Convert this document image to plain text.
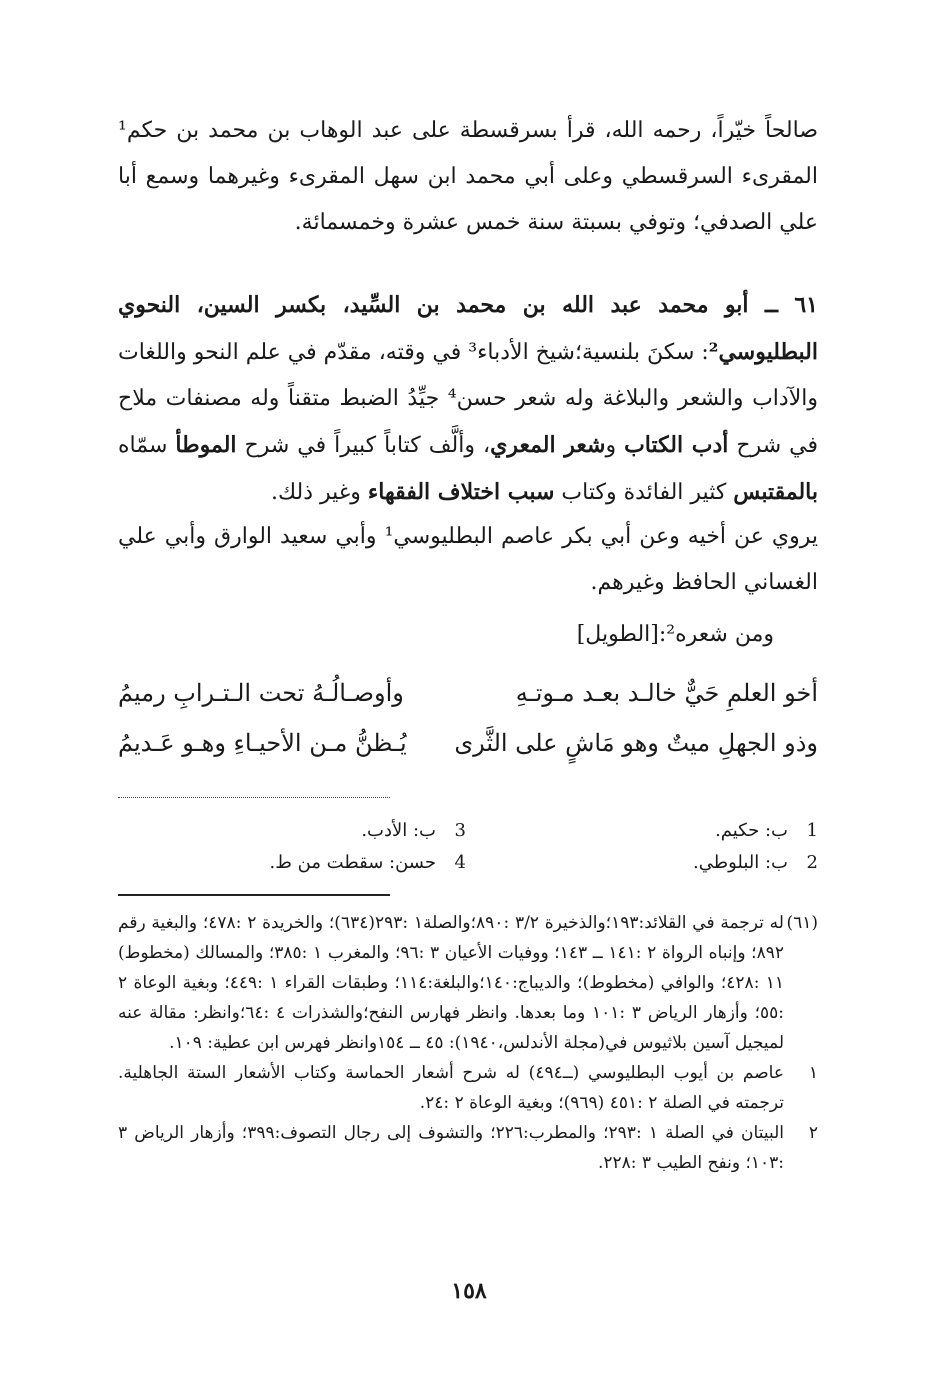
صالحاً خيّراً، رحمه الله، قرأ بسرقسطة على عبد الوهاب بن محمد بن حكم¹ المقرىء السرقسطي وعلى أبي محمد ابن سهل المقرىء وغيرهما وسمع أبا علي الصدفي؛ وتوفي بسبتة سنة خمس عشرة وخمسمائة.

٦١ ــ أبو محمد عبد الله بن محمد بن السِّيد، بكسر السين، النحوي البطليوسي²: سكنَ بلنسية؛شيخ الأدباء³ في وقته، مقدّم في علم النحو واللغات والآداب والشعر والبلاغة وله شعر حسن⁴ جيِّدُ الضبط متقناً وله مصنفات ملاح في شرح أدب الكتاب وشعر المعري، وألَّف كتاباً كبيراً في شرح الموطأ سمّاه بالمقتبس كثير الفائدة وكتاب سبب اختلاف الفقهاء وغير ذلك.

يروي عن أخيه وعن أبي بكر عاصم البطليوسي¹ وأبي سعيد الوارق وأبي علي الغساني الحافظ وغيرهم.

ومن شعره²:[الطويل]
أخو العلمِ حَيٌّ خالـد بعـد مـوتـهِ
وأوصـالُـهُ تحت الـتـرابِ رميمُ
وذو الجهلِ ميتٌ وهو مَاشٍ على الثَّرى
يُـظنُّ مـن الأحيـاءِ وهـو عَـديمُ
1ب: حكيم.
2ب: البلوطي.
3ب: الأدب.
4حسن: سقطت من ط.

(٦١)
له ترجمة في القلائد:١٩٣؛والذخيرة ٣/٢ :٨٩٠؛والصلة١ :٢٩٣(٦٣٤)؛ والخريدة ٢ :٤٧٨؛ والبغية رقم ٨٩٢؛ وإنباه الرواة ٢ :١٤١ ــ ١٤٣؛ ووفيات الأعيان ٣ :٩٦؛ والمغرب ١ :٣٨٥؛ والمسالك (مخطوط) ١١ :٤٢٨؛ والوافي (مخطوط)؛ والديباج:١٤٠؛والبلغة:١١٤؛ وطبقات القراء ١ :٤٤٩؛ وبغية الوعاة ٢ :٥٥؛ وأزهار الرياض ٣ :١٠١ وما بعدها. وانظر فهارس النفح؛والشذرات ٤ :٦٤؛وانظر: مقالة عنه لميجيل آسين بلاثيوس في(مجلة الأندلس،١٩٤٠): ٤٥ ــ ١٥٤وانظر فهرس ابن عطية: ١٠٩.

١
عاصم بن أيوب البطليوسي (ــ٤٩٤) له شرح أشعار الحماسة وكتاب الأشعار الستة الجاهلية. ترجمته في الصلة ٢ :٤٥١ (٩٦٩)؛ وبغية الوعاة ٢ :٢٤.

٢
البيتان في الصلة ١ :٢٩٣؛ والمطرب:٢٢٦؛ والتشوف إلى رجال التصوف:٣٩٩؛ وأزهار الرياض ٣ :١٠٣؛ ونفح الطيب ٣ :٢٢٨.

١٥٨
